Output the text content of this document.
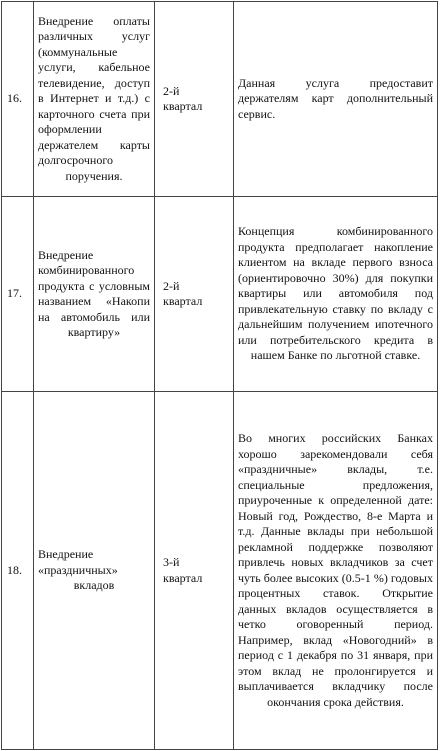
16.	Внедрение оплаты различных услуг (коммунальные услуги, кабельное телевидение, доступ в Интернет и т.д.) с карточного счета при оформлении держателем карты долгосрочного поручения.	2-й квартал	Данная услуга предоставит держателям карт дополнительный сервис.

17.	Внедрение комбинированного продукта с условным названием «Накопи на автомобиль или квартиру»	2-й квартал	Концепция комбинированного продукта предполагает накопление клиентом на вкладе первого взноса (ориентировочно 30%) для покупки квартиры или автомобиля под привлекательную ставку по вкладу с дальнейшим получением ипотечного или потребительского кредита в нашем Банке по льготной ставке.

18.	Внедрение «праздничных» вкладов	3-й квартал	Во многих российских Банках хорошо зарекомендовали себя «праздничные» вклады, т.е. специальные предложения, приуроченные к определенной дате: Новый год, Рождество, 8-е Марта и т.д. Данные вклады при небольшой рекламной поддержке позволяют привлечь новых вкладчиков за счет чуть более высоких (0.5-1 %) годовых процентных ставок. Открытие данных вкладов осуществляется в четко оговоренный период. Например, вклад «Новогодний» в период с 1 декабря по 31 января, при этом вклад не пролонгируется и выплачивается вкладчику после окончания срока действия.
